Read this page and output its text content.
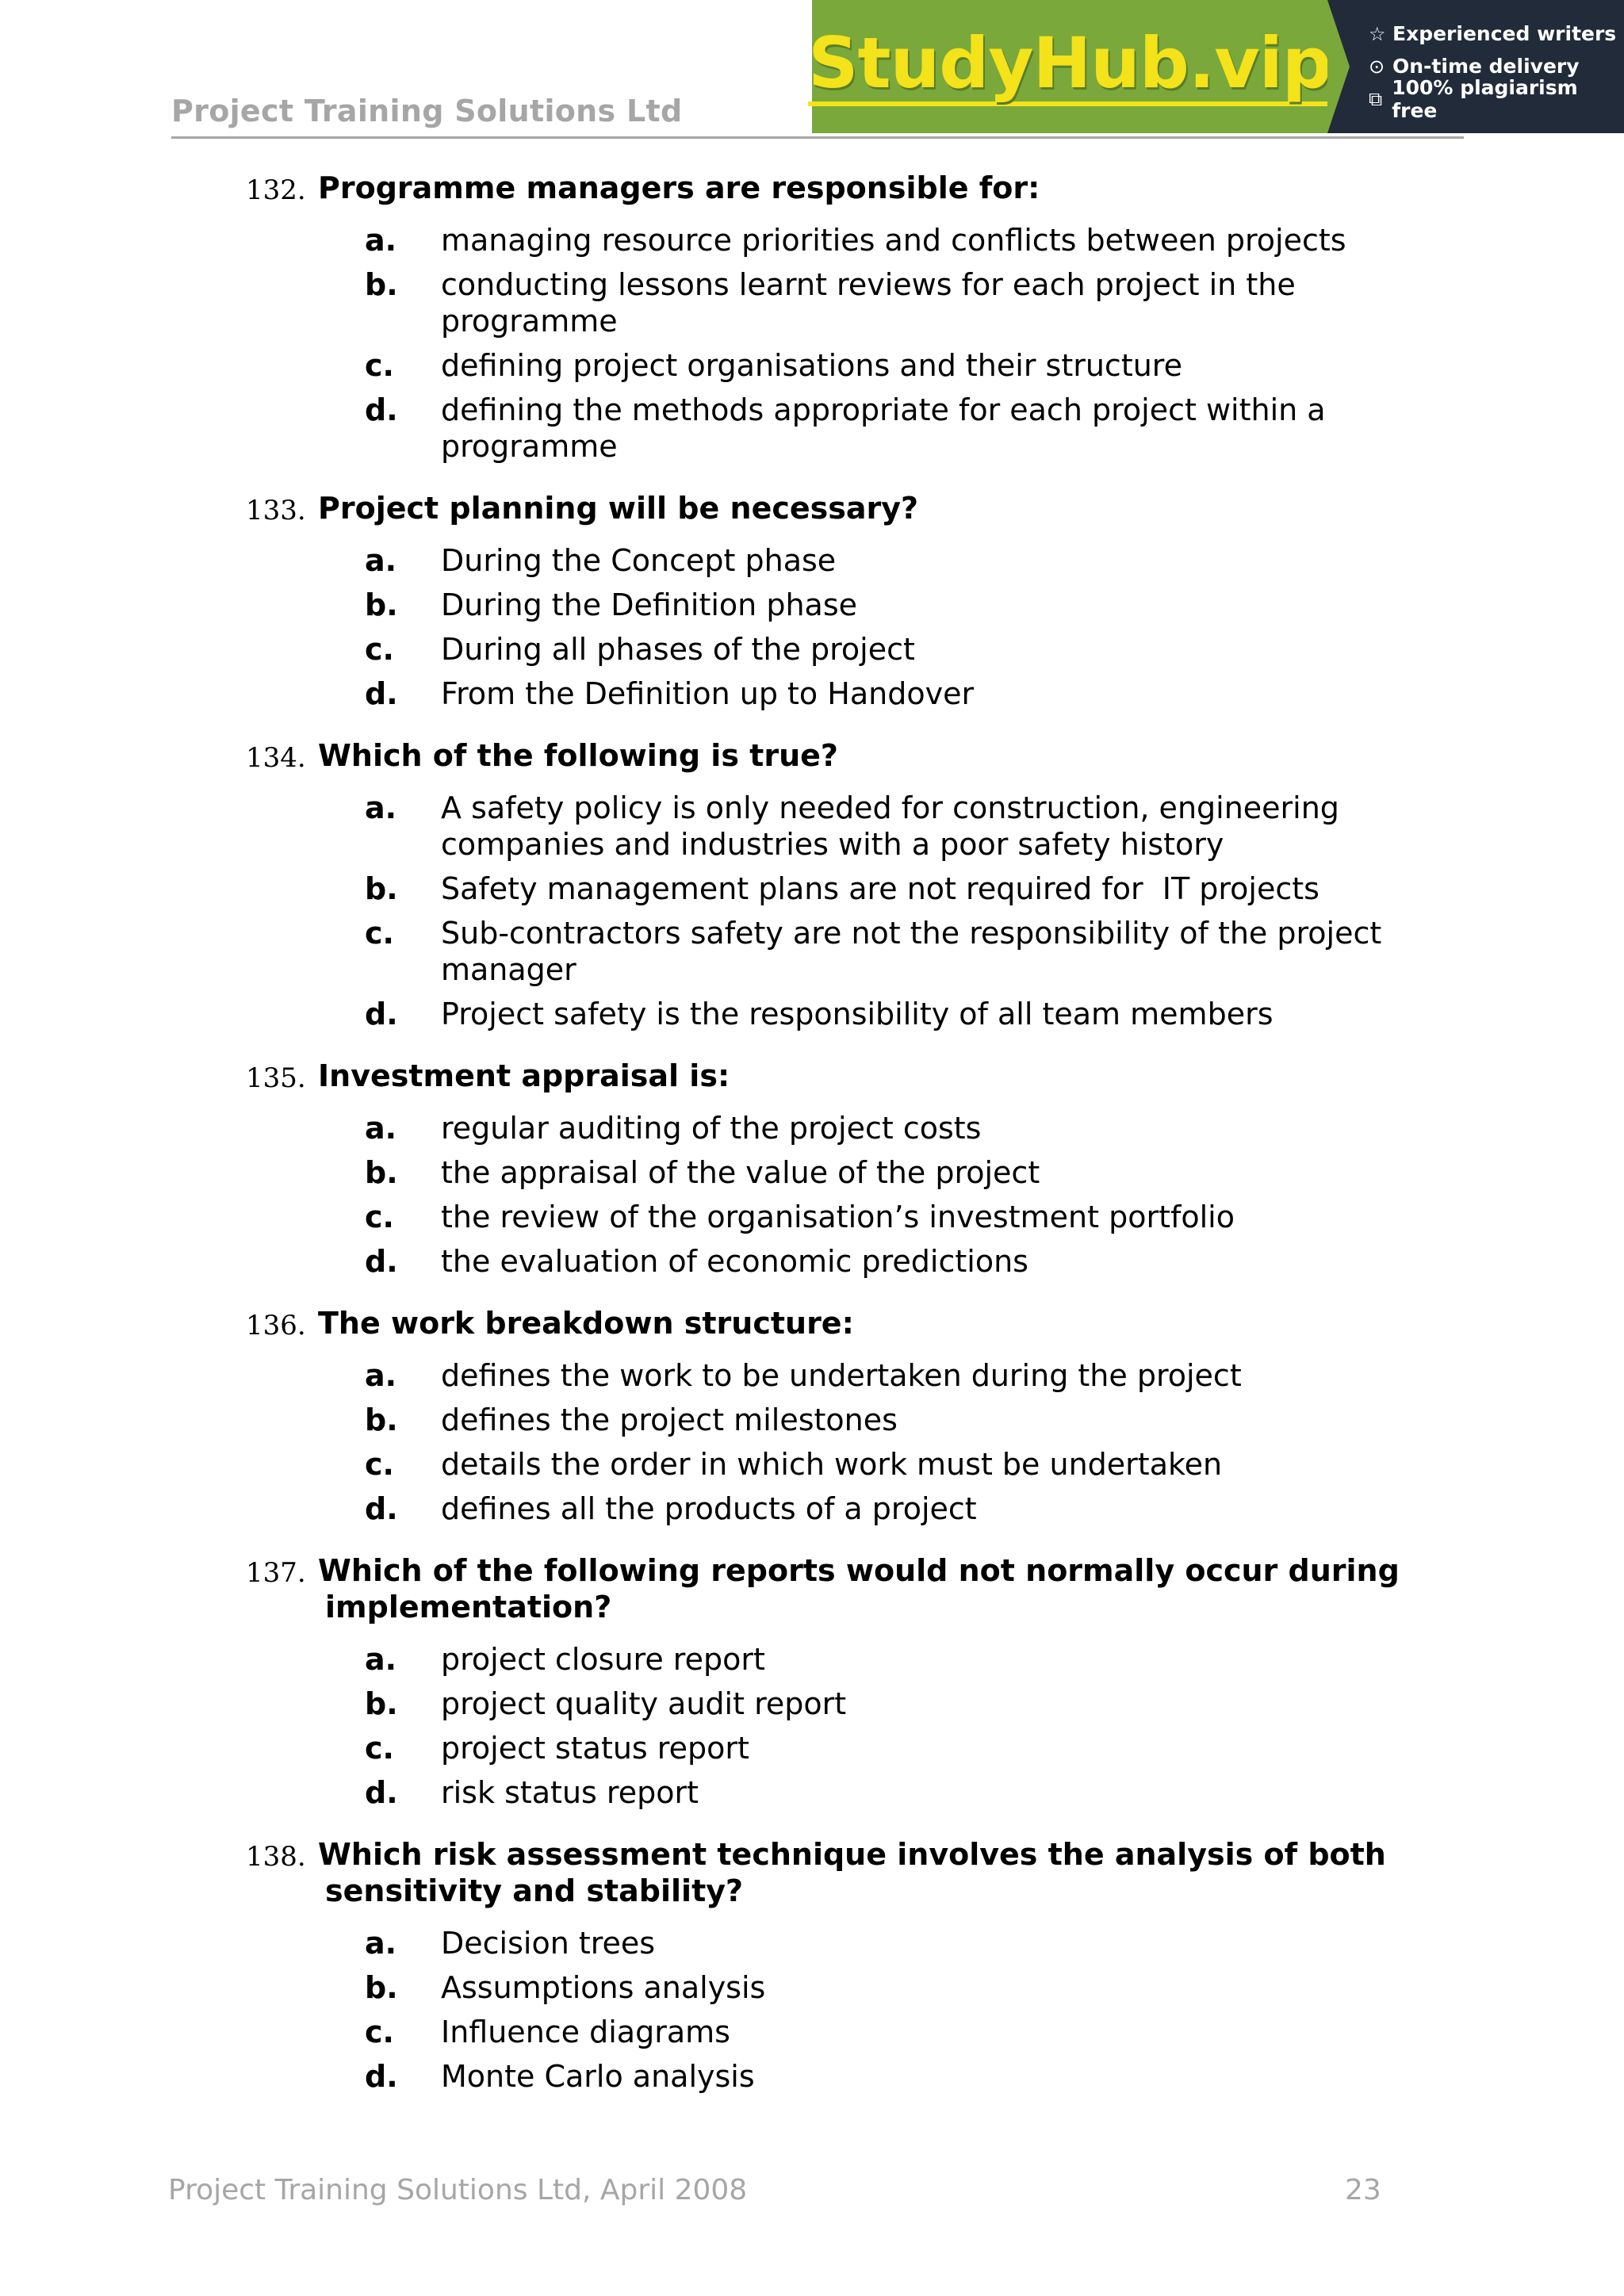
Project Training Solutions Ltd
StudyHub.vip ☆ Experienced writers
⊙ On-time delivery
⧉ 100% plagiarism free
132. Programme managers are responsible for:
a. managing resource priorities and conflicts between projects
b. conducting lessons learnt reviews for each project in the
programme
c. defining project organisations and their structure
d. defining the methods appropriate for each project within a
programme
133. Project planning will be necessary?
a. During the Concept phase
b. During the Definition phase
c. During all phases of the project
d. From the Definition up to Handover
134. Which of the following is true?
a. A safety policy is only needed for construction, engineering
companies and industries with a poor safety history
b. Safety management plans are not required for  IT projects
c. Sub-contractors safety are not the responsibility of the project
manager
d. Project safety is the responsibility of all team members
135. Investment appraisal is:
a. regular auditing of the project costs
b. the appraisal of the value of the project
c. the review of the organisation’s investment portfolio
d. the evaluation of economic predictions
136. The work breakdown structure:
a. defines the work to be undertaken during the project
b. defines the project milestones
c. details the order in which work must be undertaken
d. defines all the products of a project
137. Which of the following reports would not normally occur during
implementation?
a. project closure report
b. project quality audit report
c. project status report
d. risk status report
138. Which risk assessment technique involves the analysis of both
sensitivity and stability?
a. Decision trees
b. Assumptions analysis
c. Influence diagrams
d. Monte Carlo analysis
Project Training Solutions Ltd, April 2008	23
